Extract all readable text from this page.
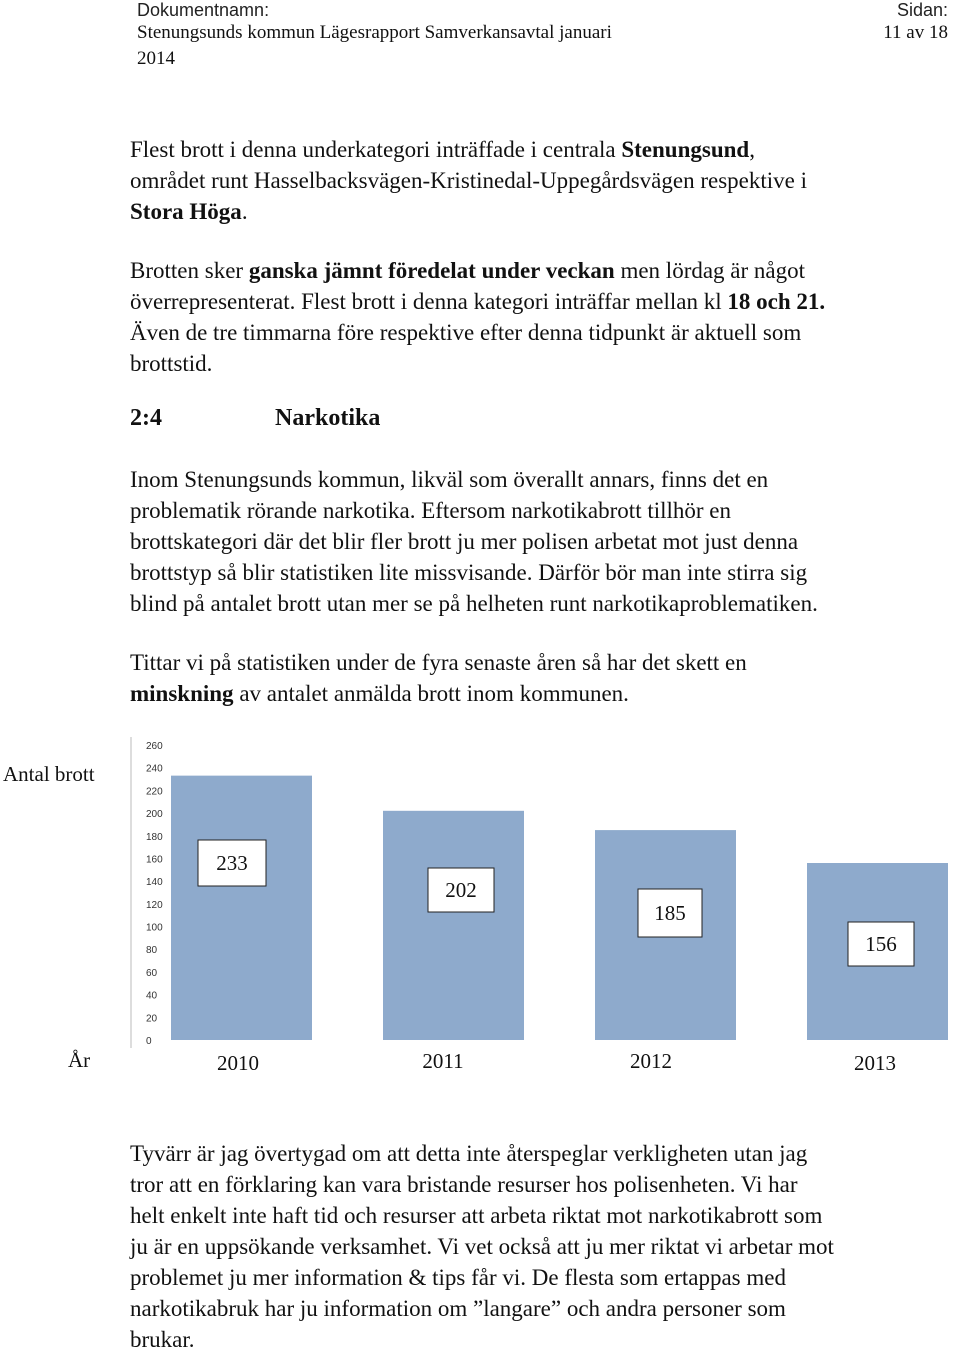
Dokumentnamn:	Sidan:
Stenungsunds kommun Lägesrapport Samverkansavtal januari
2014
11 av 18

Flest brott i denna underkategori inträffade i centrala Stenungsund,
området runt Hasselbacksvägen-Kristinedal-Uppegårdsvägen respektive i
Stora Höga.

Brotten sker ganska jämnt föredelat under veckan men lördag är något
överrepresenterat. Flest brott i denna kategori inträffar mellan kl 18 och 21.
Även de tre timmarna före respektive efter denna tidpunkt är aktuell som
brottstid.

2:4	Narkotika

Inom Stenungsunds kommun, likväl som överallt annars, finns det en
problematik rörande narkotika. Eftersom narkotikabrott tillhör en
brottskategori där det blir fler brott ju mer polisen arbetat mot just denna
brottstyp så blir statistiken lite missvisande. Därför bör man inte stirra sig
blind på antalet brott utan mer se på helheten runt narkotikaproblematiken.

Tittar vi på statistiken under de fyra senaste åren så har det skett en
minskning av antalet anmälda brott inom kommunen.

Antal brott
År
0
20
40
60
80
100
120
140
160
180
200
220
240
260
233
2010
202
2011
185
2012
156
2013

Tyvärr är jag övertygad om att detta inte återspeglar verkligheten utan jag
tror att en förklaring kan vara bristande resurser hos polisenheten. Vi har
helt enkelt inte haft tid och resurser att arbeta riktat mot narkotikabrott som
ju är en uppsökande verksamhet. Vi vet också att ju mer riktat vi arbetar mot
problemet ju mer information & tips får vi. De flesta som ertappas med
narkotikabruk har ju information om ”langare” och andra personer som
brukar.
